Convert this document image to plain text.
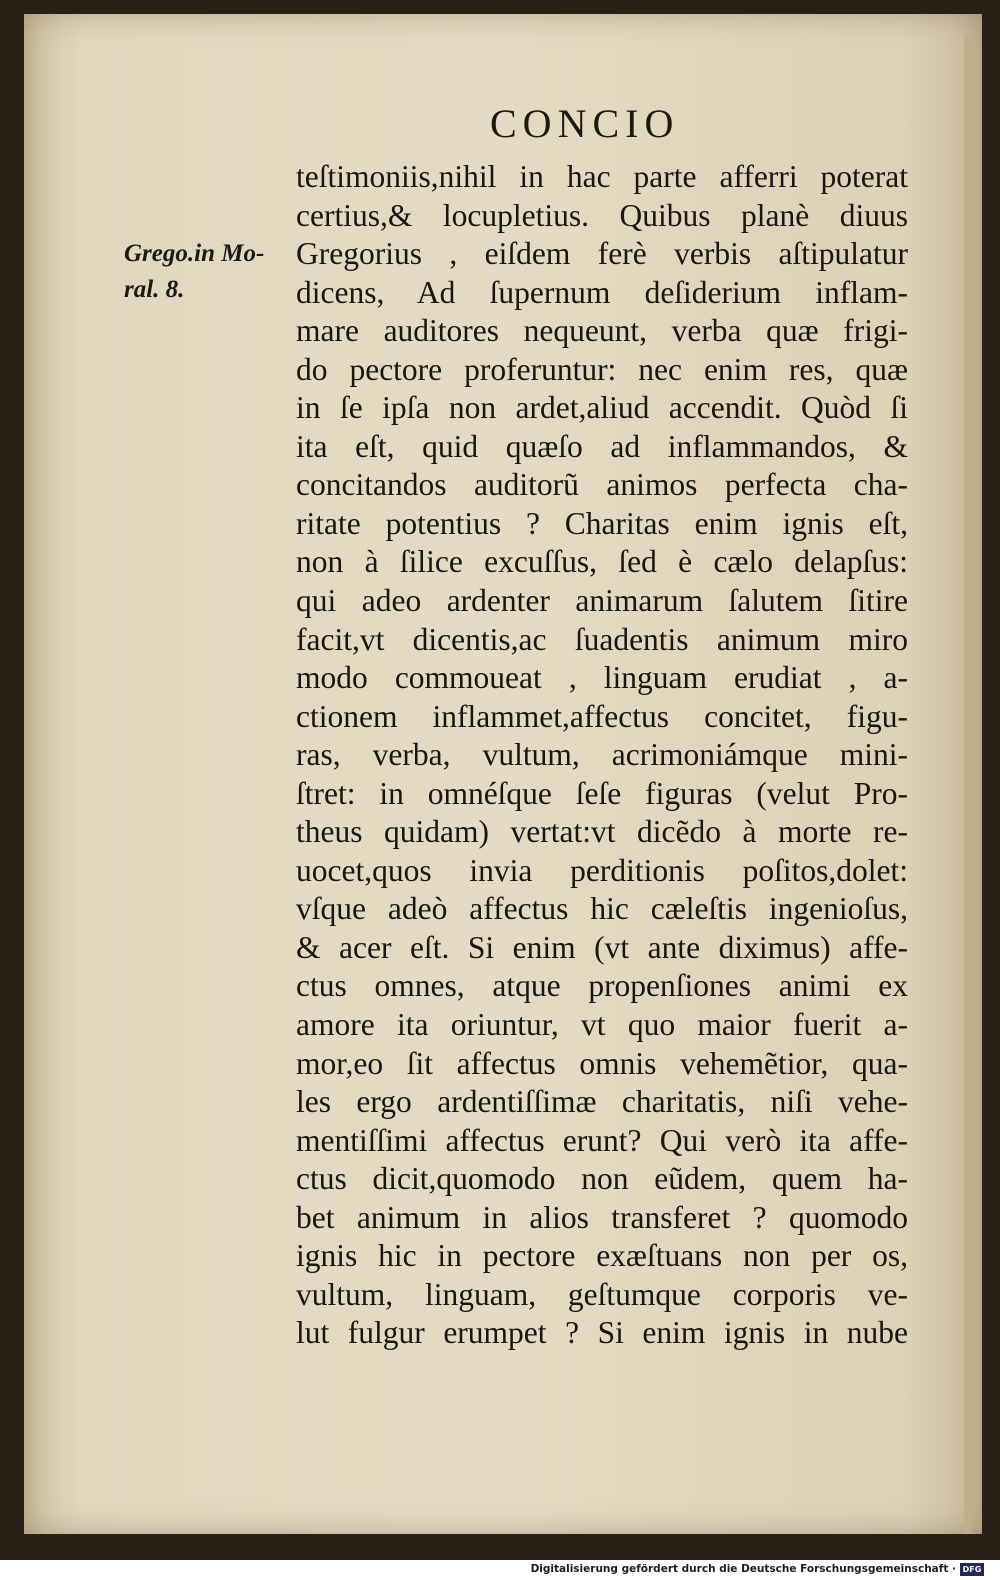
CONCIO
Grego.in Mo-
ral. 8.
teſtimoniis,nihil in hac parte afferri poterat
certius,& locupletius. Quibus planè diuus
Gregorius , eiſdem ferè verbis aſtipulatur
dicens, Ad ſupernum deſiderium inflam-
mare auditores nequeunt, verba quæ frigi-
do pectore proferuntur: nec enim res, quæ
in ſe ipſa non ardet,aliud accendit. Quòd ſi
ita eſt, quid quæſo ad inflammandos, &
concitandos auditorũ animos perfecta cha-
ritate potentius ? Charitas enim ignis eſt,
non à ſilice excuſſus, ſed è cælo delapſus:
qui adeo ardenter animarum ſalutem ſitire
facit,vt dicentis,ac ſuadentis animum miro
modo commoueat , linguam erudiat , a-
ctionem inflammet,affectus concitet, figu-
ras, verba, vultum, acrimoniámque mini-
ſtret: in omnéſque ſeſe figuras (velut Pro-
theus quidam) vertat:vt dicẽdo à morte re-
uocet,quos invia perditionis poſitos,dolet:
vſque adeò affectus hic cæleſtis ingenioſus,
& acer eſt. Si enim (vt ante diximus) affe-
ctus omnes, atque propenſiones animi ex
amore ita oriuntur, vt quo maior fuerit a-
mor,eo ſit affectus omnis vehemẽtior, qua-
les ergo ardentiſſimæ charitatis, niſi vehe-
mentiſſimi affectus erunt? Qui verò ita affe-
ctus dicit,quomodo non eũdem, quem ha-
bet animum in alios transferet ? quomodo
ignis hic in pectore exæſtuans non per os,
vultum, linguam, geſtumque corporis ve-
lut fulgur erumpet ? Si enim ignis in nube
Digitalisierung gefördert durch die Deutsche Forschungsgemeinschaft · DFG
